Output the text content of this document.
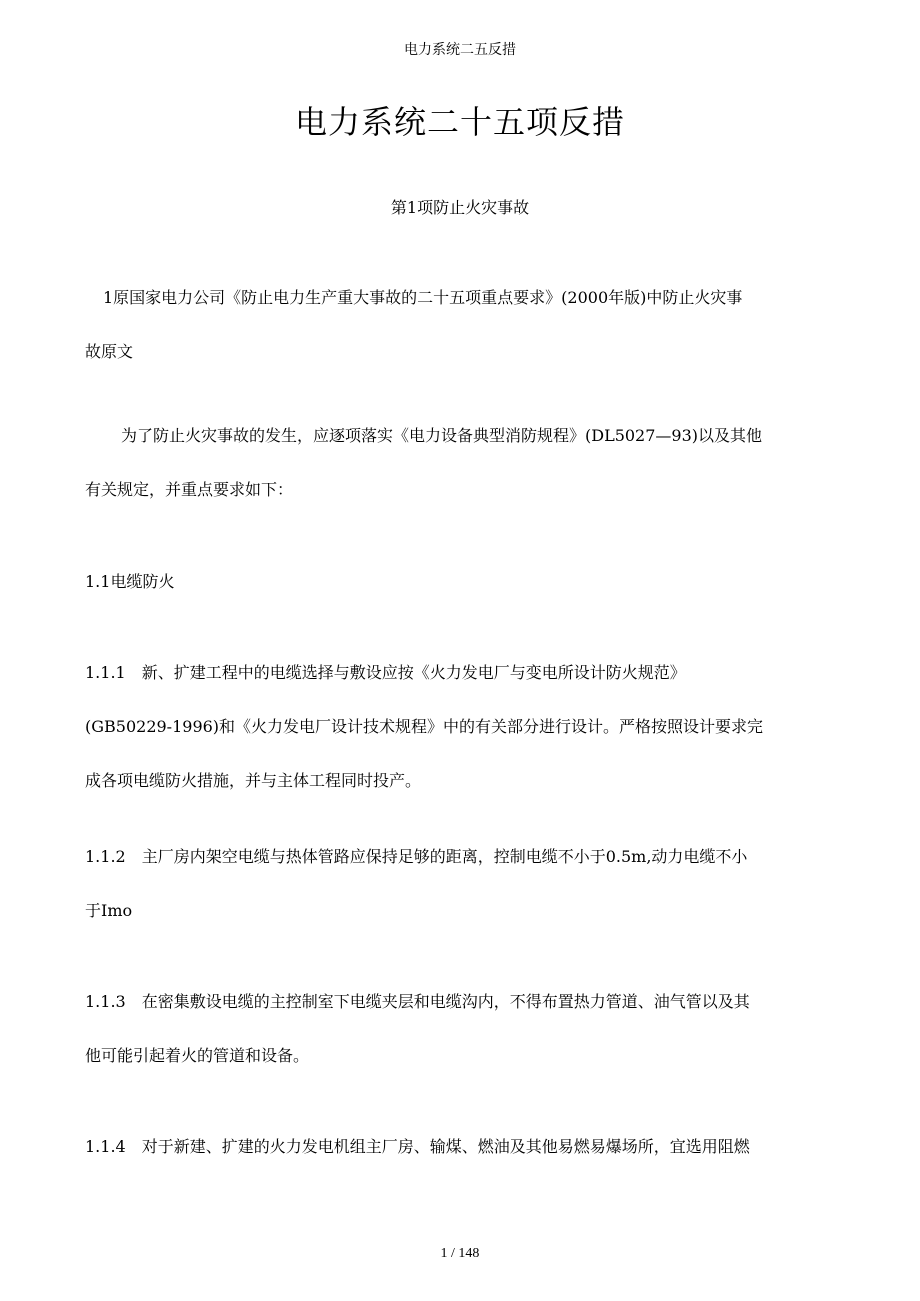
电力系统二五反措
电力系统二十五项反措
第1项防止火灾事故
1原国家电力公司《防止电力生产重大事故的二十五项重点要求》(2000年版)中防止火灾事
故原文
为了防止火灾事故的发生，应逐项落实《电力设备典型消防规程》(DL5027—93)以及其他
有关规定，并重点要求如下：
1.1电缆防火
1.1.1　新、扩建工程中的电缆选择与敷设应按《火力发电厂与变电所设计防火规范》
(GB50229-1996)和《火力发电厂设计技术规程》中的有关部分进行设计。严格按照设计要求完
成各项电缆防火措施，并与主体工程同时投产。
1.1.2　主厂房内架空电缆与热体管路应保持足够的距离，控制电缆不小于0.5m,动力电缆不小
于Imo
1.1.3　在密集敷设电缆的主控制室下电缆夹层和电缆沟内，不得布置热力管道、油气管以及其
他可能引起着火的管道和设备。
1.1.4　对于新建、扩建的火力发电机组主厂房、输煤、燃油及其他易燃易爆场所，宜选用阻燃
1 / 148
